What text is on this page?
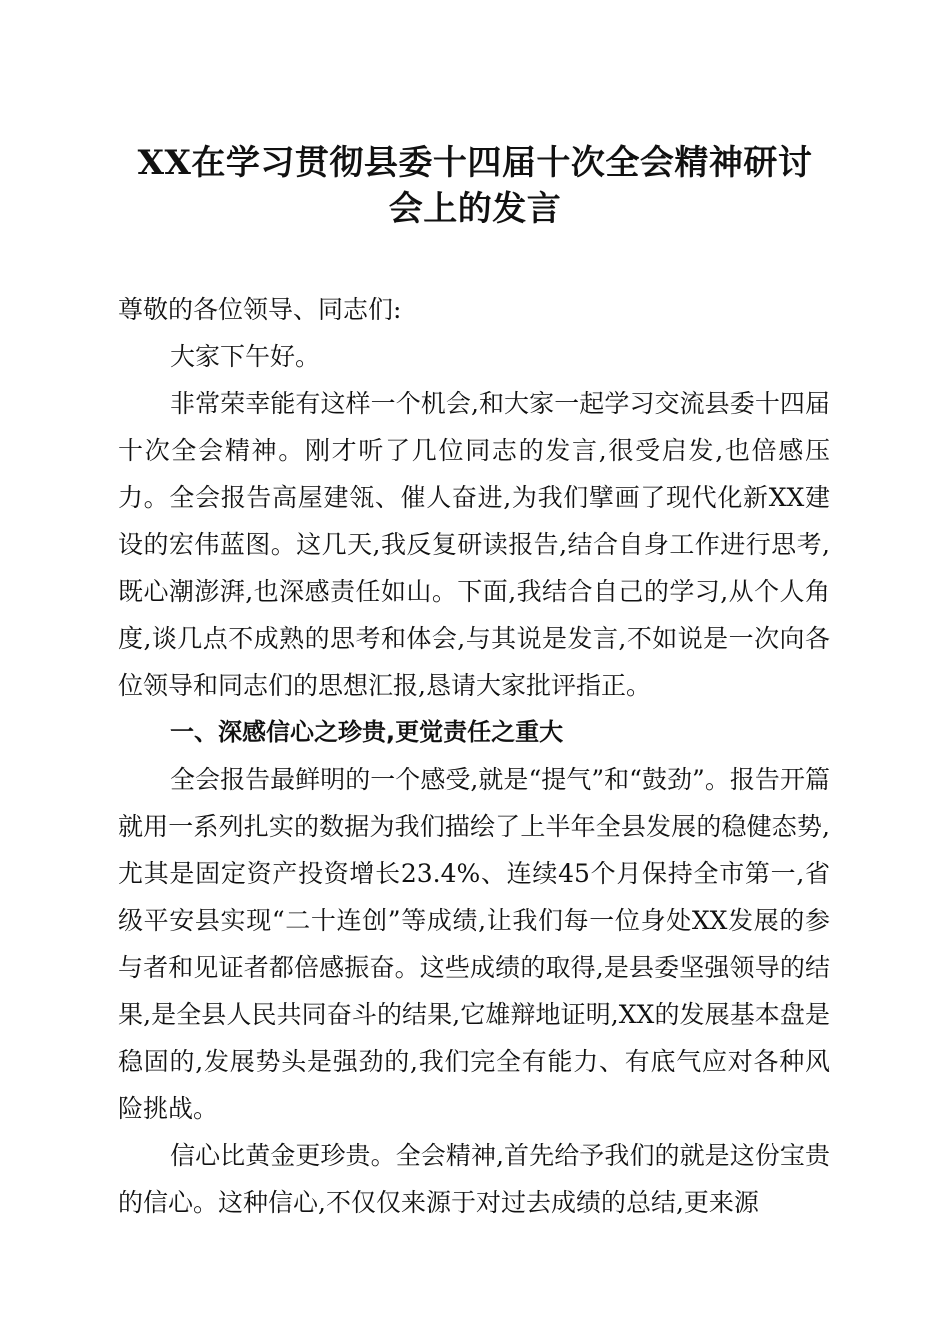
XX在学习贯彻县委十四届十次全会精神研讨
会上的发言

尊敬的各位领导、同志们:

大家下午好。

非常荣幸能有这样一个机会,和大家一起学习交流县委十四届十次全会精神。刚才听了几位同志的发言,很受启发,也倍感压力。全会报告高屋建瓴、催人奋进,为我们擘画了现代化新XX建设的宏伟蓝图。这几天,我反复研读报告,结合自身工作进行思考,既心潮澎湃,也深感责任如山。下面,我结合自己的学习,从个人角度,谈几点不成熟的思考和体会,与其说是发言,不如说是一次向各位领导和同志们的思想汇报,恳请大家批评指正。

一、深感信心之珍贵,更觉责任之重大

全会报告最鲜明的一个感受,就是“提气”和“鼓劲”。报告开篇就用一系列扎实的数据为我们描绘了上半年全县发展的稳健态势,尤其是固定资产投资增长23.4%、连续45个月保持全市第一,省级平安县实现“二十连创”等成绩,让我们每一位身处XX发展的参与者和见证者都倍感振奋。这些成绩的取得,是县委坚强领导的结果,是全县人民共同奋斗的结果,它雄辩地证明,XX的发展基本盘是稳固的,发展势头是强劲的,我们完全有能力、有底气应对各种风险挑战。

信心比黄金更珍贵。全会精神,首先给予我们的就是这份宝贵的信心。这种信心,不仅仅来源于对过去成绩的总结,更来源
